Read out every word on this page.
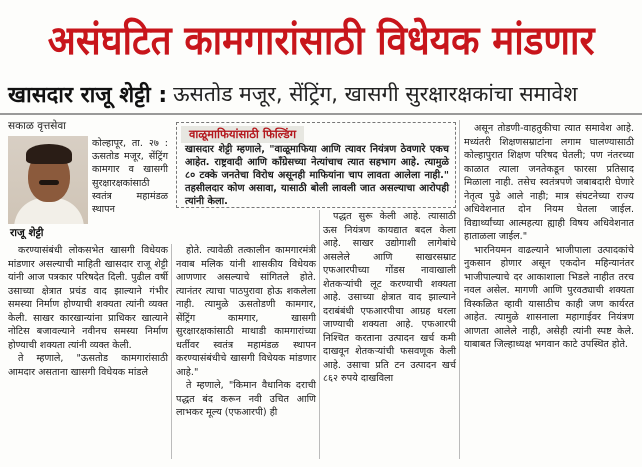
असंघटित कामगारांसाठी विधेयक मांडणार
खासदार राजू शेट्टी : ऊसतोड मजूर, सेंट्रिंग, खासगी सुरक्षारक्षकांचा समावेश
सकाळ वृत्तसेवा
राजू शेट्टी

कोल्हापूर, ता. २७ : ऊसतोड मजूर, सेंट्रिंग कामगार व खासगी सुरक्षारक्षकांसाठी स्वतंत्र महामंडळ स्थापन

वाळूमाफियांसाठी फिल्डिंग
खासदार शेट्टी म्हणाले, "वाळूमाफिया आणि त्यावर नियंत्रण ठेवणारे एकच आहेत. राष्ट्रवादी आणि काँग्रेसच्या नेत्यांचाच त्यात सहभाग आहे. त्यामुळे ८० टक्के जनतेचा विरोध असूनही माफियांना चाप लावता आलेला नाही." तहसीलदार कोण असावा, यासाठी बोली लावली जात असल्याचा आरोपही त्यांनी केला.

करण्यासंबंधी लोकसभेत खासगी विधेयक मांडणार असल्याची माहिती खासदार राजू शेट्टी यांनी आज पत्रकार परिषदेत दिली. पुढील वर्षी उसाच्या क्षेत्रात प्रचंड वाद झाल्याने गंभीर समस्या निर्माण होण्याची शक्यता त्यांनी व्यक्त केली. साखर कारखान्यांना प्राधिकर खात्याने नोटिस बजावल्याने नवीनच समस्या निर्माण होण्याची शक्यता त्यांनी व्यक्त केली.

ते म्हणाले, "ऊसतोड कामगारांसाठी आमदार असताना खासगी विधेयक मांडले

होते. त्यावेळी तत्कालीन कामगारमंत्री नवाब मलिक यांनी शासकीय विधेयक आणणार असल्याचे सांगितले होते. त्यानंतर त्याचा पाठपुरावा होऊ शकलेला नाही. त्यामुळे ऊसतोडणी कामगार, सेंट्रिंग कामगार, खासगी सुरक्षारक्षकांसाठी माथाडी कामगारांच्या धर्तीवर स्वतंत्र महामंडळ स्थापन करण्यासंबंधीचे खासगी विधेयक मांडणार आहे."

ते म्हणाले, "किमान वैधानिक दराची पद्धत बंद करून नवी उचित आणि लाभकर मूल्य (एफआरपी) ही

पद्धत सुरू केली आहे. त्यासाठी ऊस नियंत्रण कायद्यात बदल केला आहे. साखर उद्योगाशी लागेबांधे असलेले आणि साखरसम्राट एफआरपीच्या गोंडस नावाखाली शेतकऱ्यांची लूट करण्याची शक्यता आहे. उसाच्या क्षेत्रात वाद झाल्याने दराबंबंधी एफआरपीचा आग्रह धरला जाण्याची शक्यता आहे. एफआरपी निश्चित करताना उत्पादन खर्च कमी दाखवून शेतकऱ्यांची फसवणूक केली आहे. उसाचा प्रति टन उत्पादन खर्च ८६२ रुपये दाखविला

असून तोडणी-वाहतुकीचा त्यात समावेश आहे. मध्यंतरी शिक्षणसम्राटांना लगाम घालण्यासाठी कोल्हापुरात शिक्षण परिषद घेतली; पण नंतरच्या काळात त्याला जनतेकडून फारसा प्रतिसाद मिळाला नाही. तसेच स्वतंत्रपणे जबाबदारी घेणारे नेतृत्व पुढे आले नाही; मात्र संघटनेच्या राज्य अधिवेशनात दोन नियम घेतला जाईल. विद्यार्थ्यांच्या आत्महत्या ह्याही विषय अधिवेशनात हाताळला जाईल."

भारनियमन वाढल्याने भाजीपाला उत्पादकांचे नुकसान होणार असून एकदोन महिन्यानंतर भाजीपाल्याचे दर आकाशाला भिडले नाहीत तरच नवल असेल. मागणी आणि पुरवठ्याची शक्यता विस्कळित व्हावी यासाठीच काही जण कार्यरत आहेत. त्यामुळे शासनाला महागाईवर नियंत्रण आणता आलेले नाही, असेही त्यांनी स्पष्ट केले. याबाबत जिल्हाध्यक्ष भगवान काटे उपस्थित होते.
